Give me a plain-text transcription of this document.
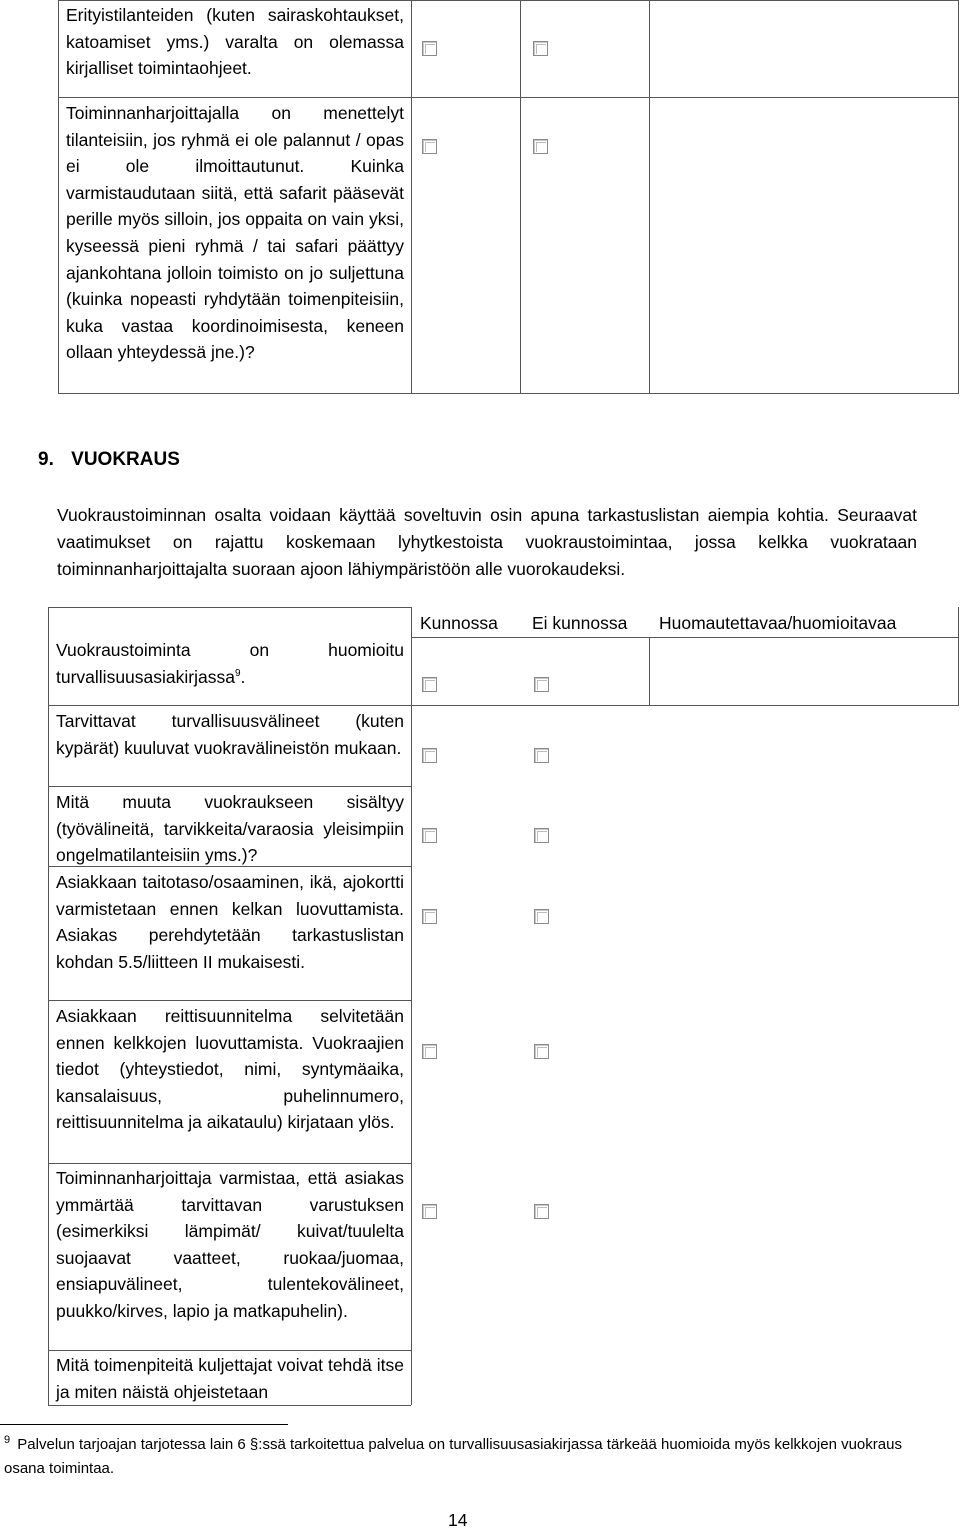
Erityistilanteiden (kuten sairaskohtaukset, katoamiset yms.) varalta on olemassa kirjalliset toimintaohjeet.
Toiminnanharjoittajalla on menettelyt tilanteisiin, jos ryhmä ei ole palannut / opas ei ole ilmoittautunut. Kuinka varmistaudutaan siitä, että safarit pääsevät perille myös silloin, jos oppaita on vain yksi, kyseessä pieni ryhmä / tai safari päättyy ajankohtana jolloin toimisto on jo suljettuna (kuinka nopeasti ryhdytään toimenpiteisiin, kuka vastaa koordinoimisesta, keneen ollaan yhteydessä jne.)?
9. VUOKRAUS
Vuokraustoiminnan osalta voidaan käyttää soveltuvin osin apuna tarkastuslistan aiempia kohtia. Seuraavat vaatimukset on rajattu koskemaan lyhytkestoista vuokraustoimintaa, jossa kelkka vuokrataan toiminnanharjoittajalta suoraan ajoon lähiympäristöön alle vuorokaudeksi.
Kunnossa Ei kunnossa Huomautettavaa/huomioitavaa
Vuokraustoiminta on huomioitu turvallisuusasiakirjassa$^9$.
Tarvittavat turvallisuusvälineet (kuten kypärät) kuuluvat vuokravälineistön mukaan.
Mitä muuta vuokraukseen sisältyy (työvälineitä, tarvikkeita/varaosia yleisimpiin ongelmatilanteisiin yms.)?
Asiakkaan taitotaso/osaaminen, ikä, ajokortti varmistetaan ennen kelkan luovuttamista. Asiakas perehdytetään tarkastuslistan kohdan 5.5/liitteen II mukaisesti.
Asiakkaan reittisuunnitelma selvitetään ennen kelkkojen luovuttamista. Vuokraajien tiedot (yhteystiedot, nimi, syntymäaika, kansalaisuus, puhelinnumero, reittisuunnitelma ja aikataulu) kirjataan ylös.
Toiminnanharjoittaja varmistaa, että asiakas ymmärtää tarvittavan varustuksen (esimerkiksi lämpimät/ kuivat/tuulelta suojaavat vaatteet, ruokaa/juomaa, ensiapuvälineet, tulentekovälineet, puukko/kirves, lapio ja matkapuhelin).
Mitä toimenpiteitä kuljettajat voivat tehdä itse ja miten näistä ohjeistetaan
$^9$ Palvelun tarjoajan tarjotessa lain 6 §:ssä tarkoitettua palvelua on turvallisuusasiakirjassa tärkeää huomioida myös kelkkojen vuokraus osana toimintaa.
14
